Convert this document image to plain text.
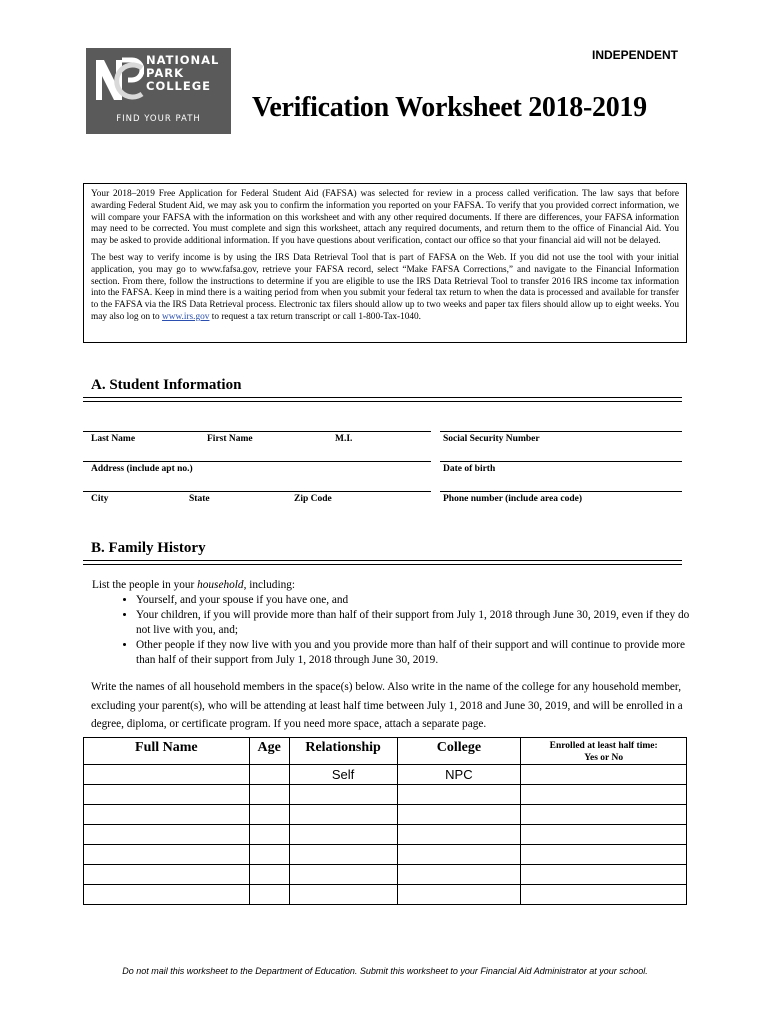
NATIONAL
PARK
COLLEGE
FIND YOUR PATH
INDEPENDENT
Verification Worksheet 2018-2019

Your 2018–2019 Free Application for Federal Student Aid (FAFSA) was selected for review in a process called verification. The law says that before awarding Federal Student Aid, we may ask you to confirm the information you reported on your FAFSA. To verify that you provided correct information, we will compare your FAFSA with the information on this worksheet and with any other required documents. If there are differences, your FAFSA information may need to be corrected. You must complete and sign this worksheet, attach any required documents, and return them to the office of Financial Aid. You may be asked to provide additional information. If you have questions about verification, contact our office so that your financial aid will not be delayed.

The best way to verify income is by using the IRS Data Retrieval Tool that is part of FAFSA on the Web. If you did not use the tool with your initial application, you may go to www.fafsa.gov, retrieve your FAFSA record, select “Make FAFSA Corrections,” and navigate to the Financial Information section. From there, follow the instructions to determine if you are eligible to use the IRS Data Retrieval Tool to transfer 2016 IRS income tax information into the FAFSA. Keep in mind there is a waiting period from when you submit your federal tax return to when the data is processed and available for transfer to the FAFSA via the IRS Data Retrieval process. Electronic tax filers should allow up to two weeks and paper tax filers should allow up to eight weeks. You may also log on to www.irs.gov to request a tax return transcript or call 1-800-Tax-1040.

A. Student Information
Last Name	First Name	M.I.	Social Security Number
Address (include apt no.)	Date of birth
City	State	Zip Code	Phone number (include area code)
B. Family History
List the people in your household, including:
• Yourself, and your spouse if you have one, and
• Your children, if you will provide more than half of their support from July 1, 2018 through June 30, 2019, even if they do not live with you, and;
• Other people if they now live with you and you provide more than half of their support and will continue to provide more than half of their support from July 1, 2018 through June 30, 2019.
Write the names of all household members in the space(s) below. Also write in the name of the college for any household member, excluding your parent(s), who will be attending at least half time between July 1, 2018 and June 30, 2019, and will be enrolled in a degree, diploma, or certificate program. If you need more space, attach a separate page.
Full Name	Age	Relationship	College	Enrolled at least half time:
Yes or No

		Self	NPC	

Do not mail this worksheet to the Department of Education. Submit this worksheet to your Financial Aid Administrator at your school.
